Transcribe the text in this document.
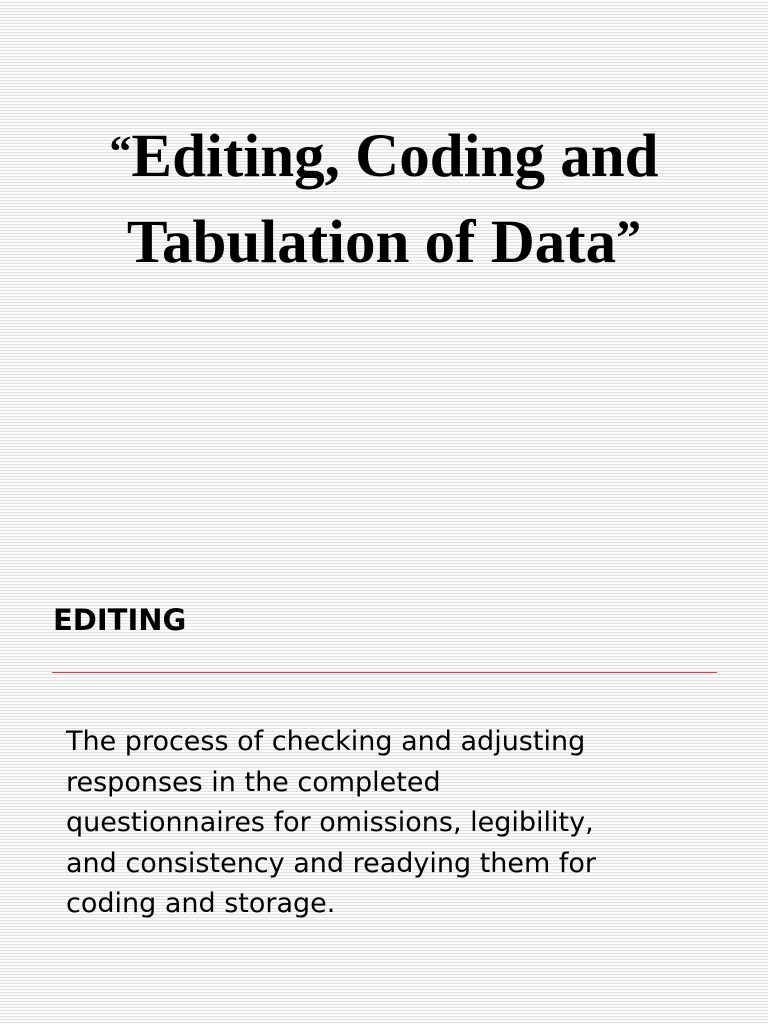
“Editing, Coding and
Tabulation of Data”
EDITING

The process of checking and adjusting
responses in the completed
questionnaires for omissions, legibility,
and consistency and readying them for
coding and storage.
